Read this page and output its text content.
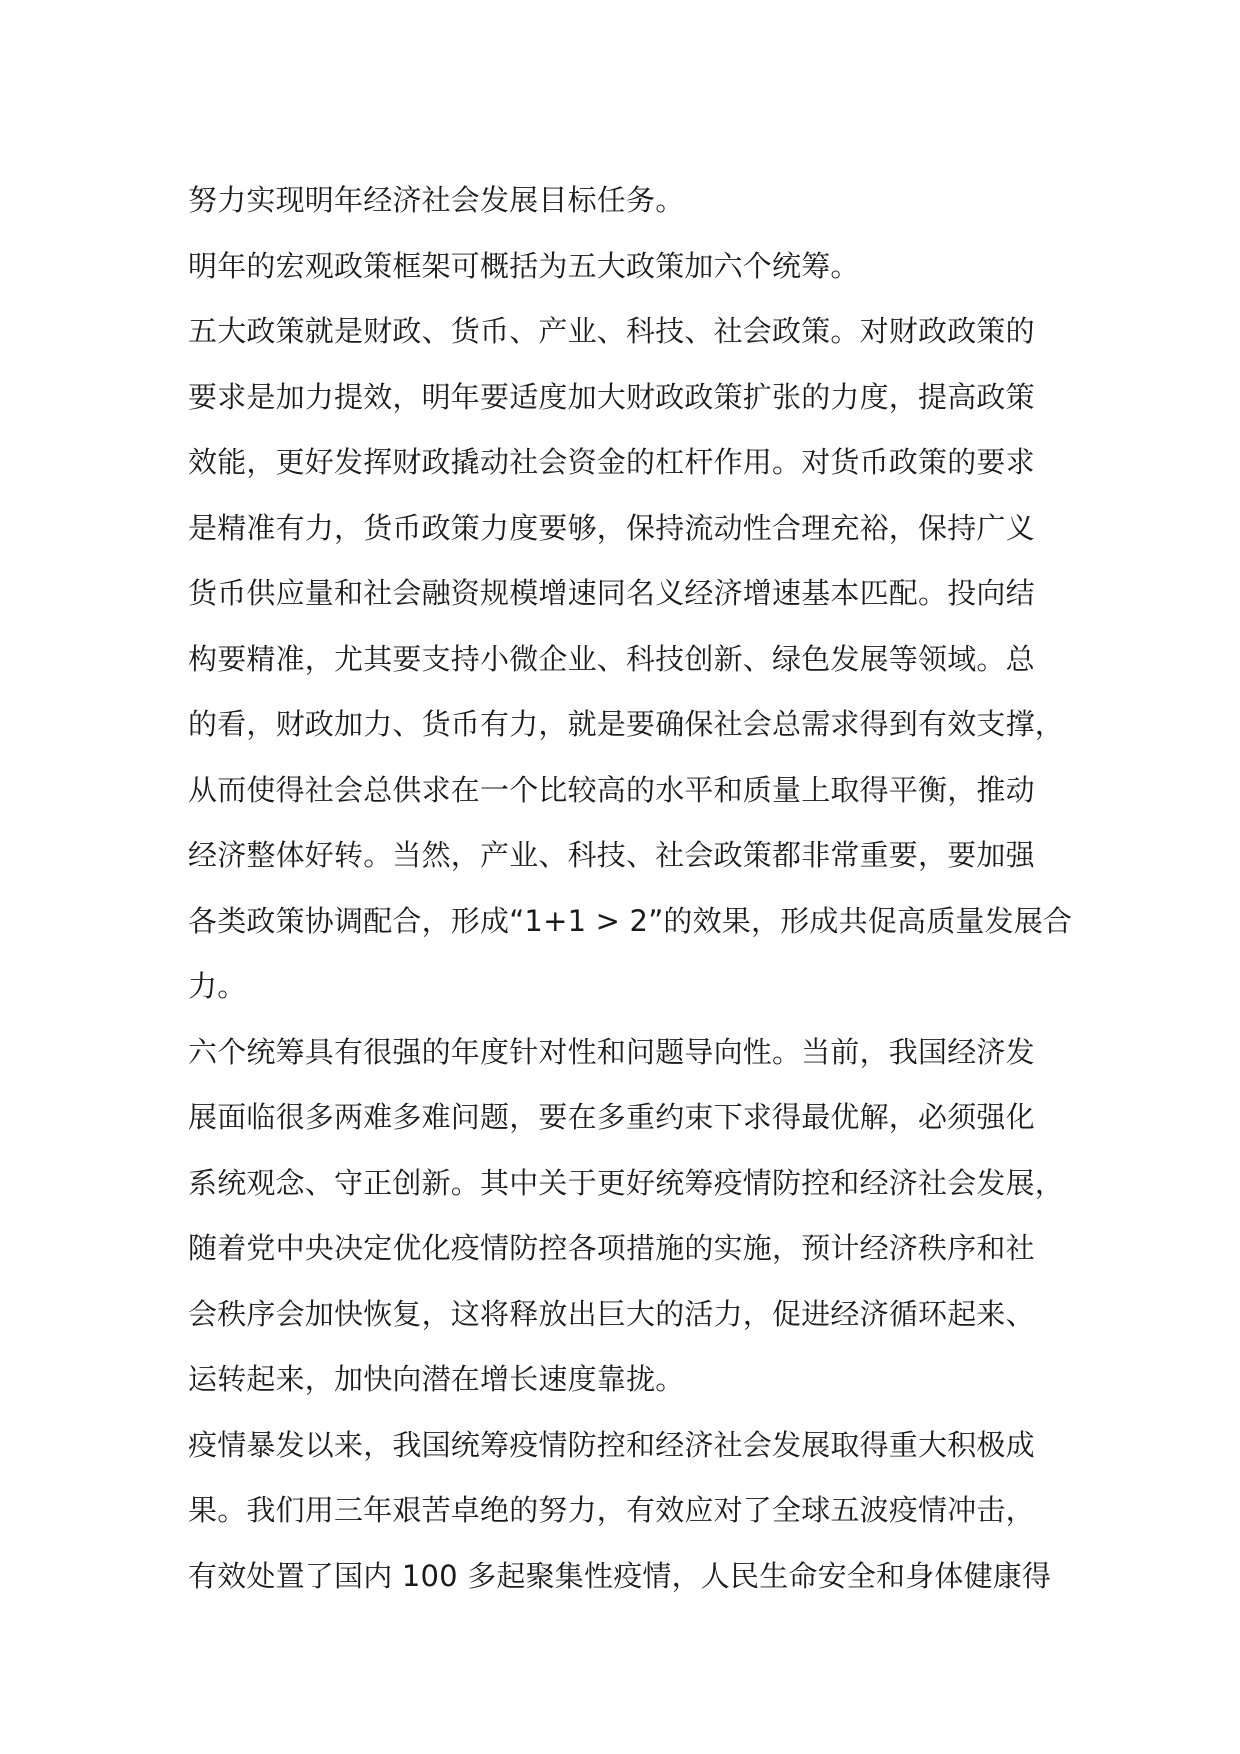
努力实现明年经济社会发展目标任务。
明年的宏观政策框架可概括为五大政策加六个统筹。
五大政策就是财政、货币、产业、科技、社会政策。对财政政策的
要求是加力提效，明年要适度加大财政政策扩张的力度，提高政策
效能，更好发挥财政撬动社会资金的杠杆作用。对货币政策的要求
是精准有力，货币政策力度要够，保持流动性合理充裕，保持广义
货币供应量和社会融资规模增速同名义经济增速基本匹配。投向结
构要精准，尤其要支持小微企业、科技创新、绿色发展等领域。总
的看，财政加力、货币有力，就是要确保社会总需求得到有效支撑，
从而使得社会总供求在一个比较高的水平和质量上取得平衡，推动
经济整体好转。当然，产业、科技、社会政策都非常重要，要加强
各类政策协调配合，形成“1+1 > 2”的效果，形成共促高质量发展合
力。
六个统筹具有很强的年度针对性和问题导向性。当前，我国经济发
展面临很多两难多难问题，要在多重约束下求得最优解，必须强化
系统观念、守正创新。其中关于更好统筹疫情防控和经济社会发展，
随着党中央决定优化疫情防控各项措施的实施，预计经济秩序和社
会秩序会加快恢复，这将释放出巨大的活力，促进经济循环起来、
运转起来，加快向潜在增长速度靠拢。
疫情暴发以来，我国统筹疫情防控和经济社会发展取得重大积极成
果。我们用三年艰苦卓绝的努力，有效应对了全球五波疫情冲击，
有效处置了国内 100 多起聚集性疫情，人民生命安全和身体健康得
